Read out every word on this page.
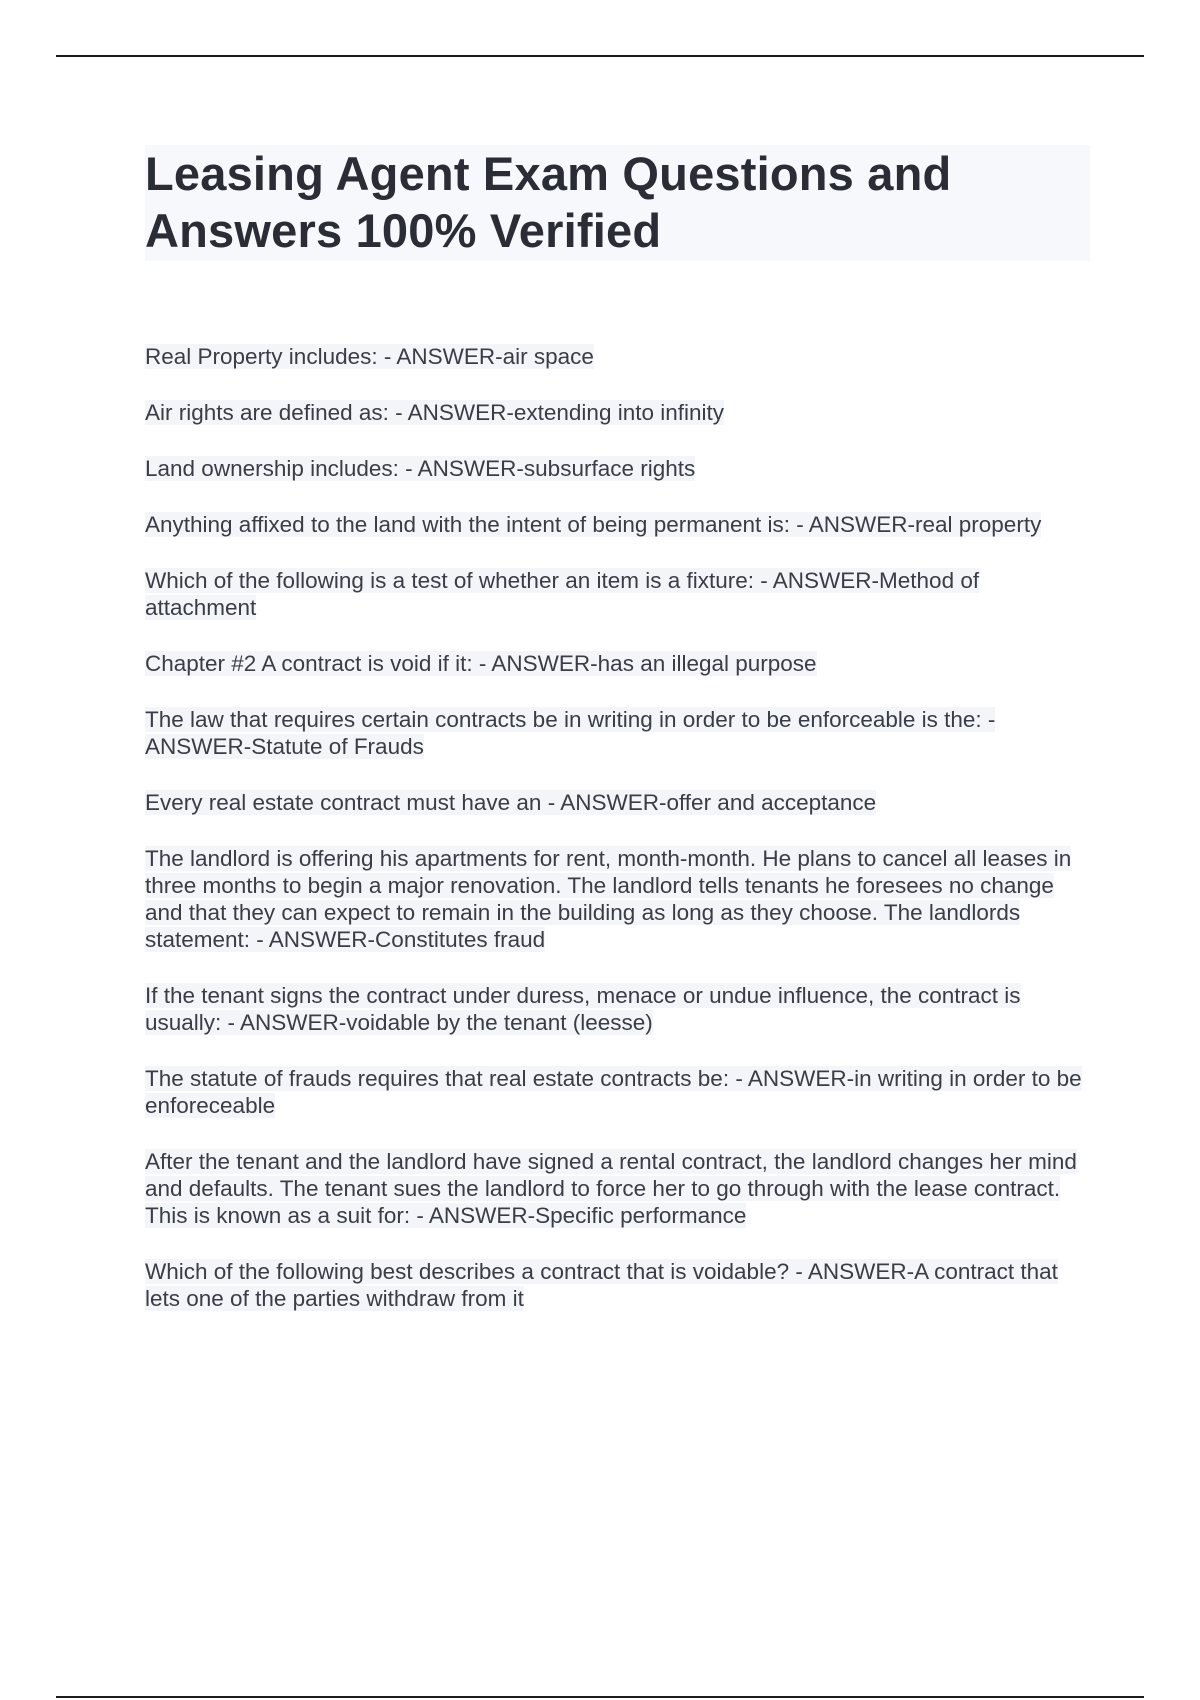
Leasing Agent Exam Questions and Answers 100% Verified
Real Property includes: - ANSWER-air space
Air rights are defined as: - ANSWER-extending into infinity
Land ownership includes: - ANSWER-subsurface rights
Anything affixed to the land with the intent of being permanent is: - ANSWER-real property
Which of the following is a test of whether an item is a fixture: - ANSWER-Method of attachment
Chapter #2 A contract is void if it: - ANSWER-has an illegal purpose
The law that requires certain contracts be in writing in order to be enforceable is the: - ANSWER-Statute of Frauds
Every real estate contract must have an - ANSWER-offer and acceptance
The landlord is offering his apartments for rent, month-month. He plans to cancel all leases in three months to begin a major renovation. The landlord tells tenants he foresees no change and that they can expect to remain in the building as long as they choose. The landlords statement: - ANSWER-Constitutes fraud
If the tenant signs the contract under duress, menace or undue influence, the contract is usually: - ANSWER-voidable by the tenant (leesse)
The statute of frauds requires that real estate contracts be: - ANSWER-in writing in order to be enforeceable
After the tenant and the landlord have signed a rental contract, the landlord changes her mind and defaults. The tenant sues the landlord to force her to go through with the lease contract. This is known as a suit for: - ANSWER-Specific performance
Which of the following best describes a contract that is voidable? - ANSWER-A contract that lets one of the parties withdraw from it
